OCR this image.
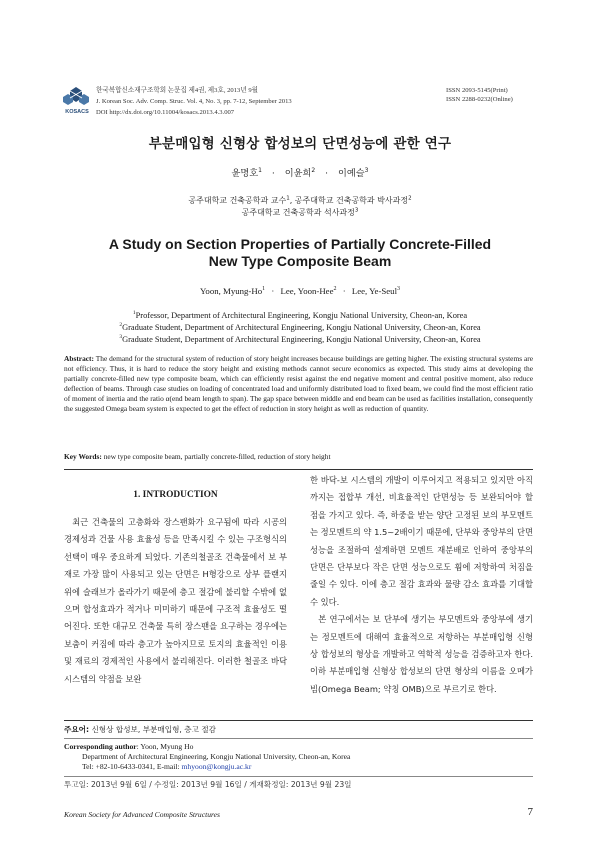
KOSACS
한국복합신소재구조학회 논문집 제4권, 제3호, 2013년 9월
J. Korean Soc. Adv. Comp. Struc. Vol. 4, No. 3, pp. 7-12, September 2013
DOI http://dx.doi.org/10.11004/kosacs.2013.4.3.007
ISSN 2093-5145(Print)
ISSN 2288-0232(Online)
부분매입형 신형상 합성보의 단면성능에 관한 연구
윤명호$^1$ · 이윤희$^2$ · 이예슬$^3$
공주대학교 건축공학과 교수$^1$, 공주대학교 건축공학과 박사과정$^2$
공주대학교 건축공학과 석사과정$^3$
A Study on Section Properties of Partially Concrete-Filled
New Type Composite Beam
Yoon, Myung-$Ho^1$ · Lee, Yoon-Hee$^2$ · Lee, Ye-Seul$^3$
$^1$Professor, Department of Architectural Engineering, Kongju National University, Cheon-an, Korea
$^2$Graduate Student, Department of Architectural Engineering, Kongju National University, Cheon-an, Korea
$^3$Graduate Student, Department of Architectural Engineering, Kongju National University, Cheon-an, Korea
Abstract: The demand for the structural system of reduction of story height increases because buildings are getting higher. The existing structural systems are not efficiency. Thus, it is hard to reduce the story height and existing methods cannot secure economics as expected. This study aims at developing the partially concrete-filled new type composite beam, which can efficiently resist against the end negative moment and central positive moment, also reduce deflection of beams. Through case studies on loading of concentrated load and uniformly distributed load to fixed beam, we could find the most efficient ratio of moment of inertia and the ratio α(end beam length to span). The gap space between middle and end beam can be used as facilities installation, consequently the suggested Omega beam system is expected to get the effect of reduction in story height as well as reduction of quantity.
Key Words: new type composite beam, partially concrete-filled, reduction of story height
1. INTRODUCTION

최근 건축물의 고층화와 장스팬화가 요구됨에 따라 시공의 경제성과 건물 사용 효율성 등을 만족시킬 수 있는 구조형식의 선택이 매우 중요하게 되었다. 기존의철골조 건축물에서 보 부재로 가장 많이 사용되고 있는 단면은 H형강으로 상부 플랜지 위에 슬래브가 올라가기 때문에 층고 절감에 불리할 수밖에 없으며 합성효과가 적거나 미미하기 때문에 구조적 효율성도 떨어진다. 또한 대규모 건축물 특히 장스팬을 요구하는 경우에는 보춤이 커짐에 따라 층고가 높아지므로 토지의 효율적인 이용 및 재료의 경제적인 사용에서 불리해진다. 이러한 철골조 바닥시스템의 약점을 보완

한 바닥-보 시스템의 개발이 이루어지고 적용되고 있지만 아직까지는 접합부 개선, 비효율적인 단면성능 등 보완되어야 할 점을 가지고 있다. 즉, 하중을 받는 양단 고정된 보의 부모멘트는 정모멘트의 약 1.5~2배이기 때문에, 단부와 중앙부의 단면성능을 조절하여 설계하면 모멘트 재분배로 인하여 중앙부의 단면은 단부보다 작은 단면 성능으로도 휨에 저항하여 처짐을 줄일 수 있다. 이에 층고 절감 효과와 물량 감소 효과를 기대할 수 있다.

본 연구에서는 보 단부에 생기는 부모멘트와 중앙부에 생기는 정모멘트에 대해여 효율적으로 저항하는 부분매입형 신형상 합성보의 형상을 개발하고 역학적 성능을 검증하고자 한다. 이하 부분매입형 신형상 합성보의 단면 형상의 이름을 오메가빔(Omega Beam; 약칭 OMB)으로 부르기로 한다.

주요어: 신형상 합성보, 부분매입형, 층고 절감
Corresponding author: Yoon, Myung Ho
Department of Architectural Engineering, Kongju National University, Cheon-an, Korea
Tel: +82-10-6433-0341, E-mail: mhyoon@kongju.ac.kr
투고일: 2013년 9월 6일 / 수정일: 2013년 9월 16일 / 게재확정일: 2013년 9월 23일
Korean Society for Advanced Composite Structures	7
